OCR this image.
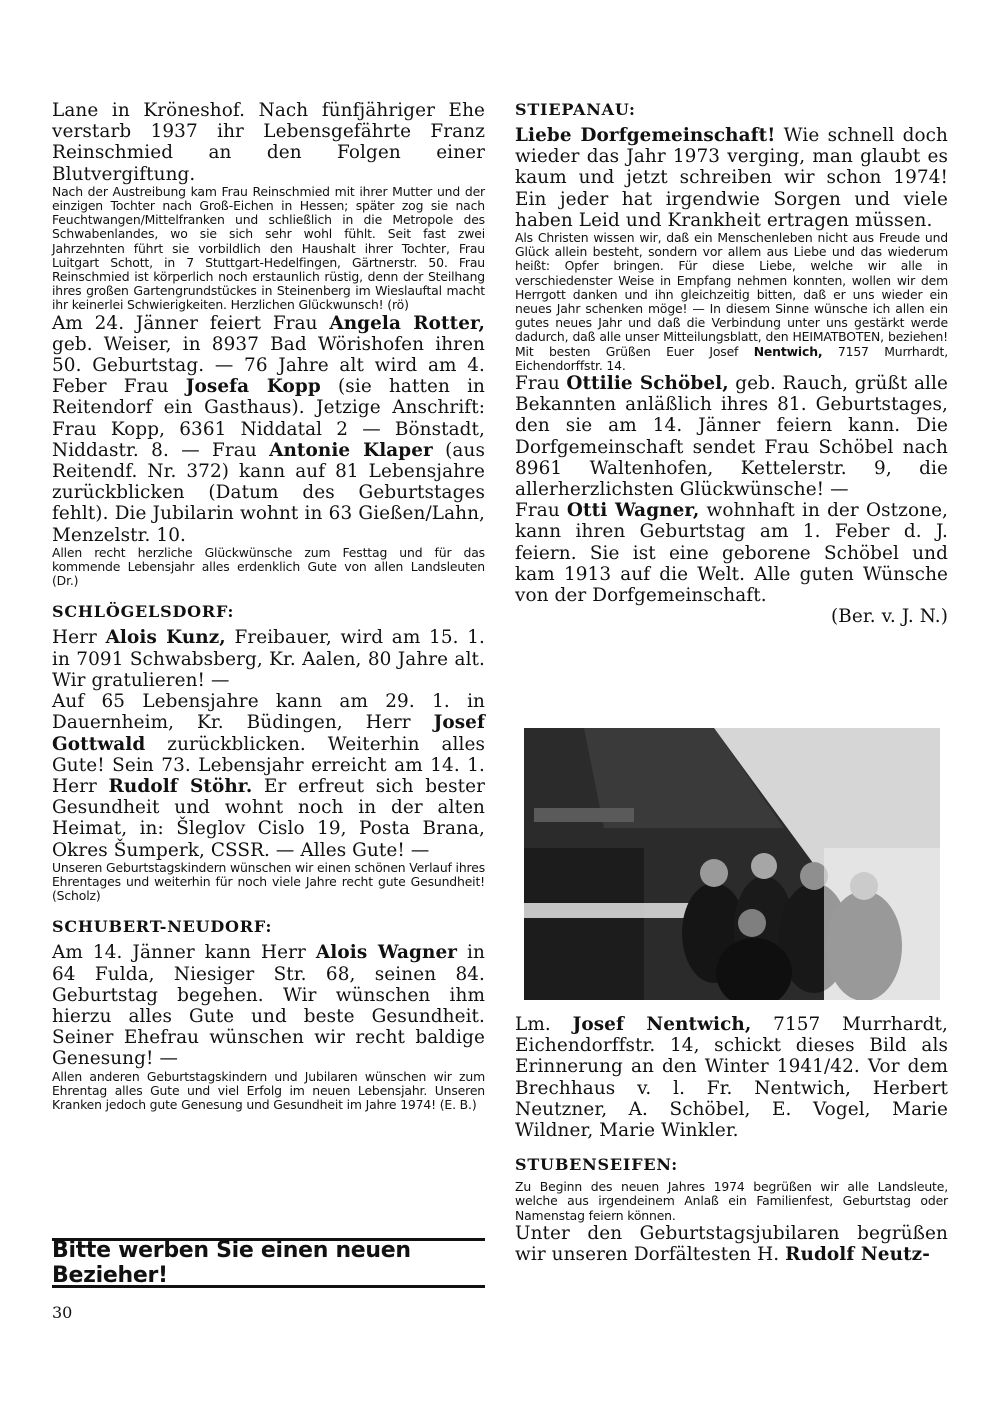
Lane in Kröneshof. Nach fünfjähriger Ehe verstarb 1937 ihr Lebensgefährte Franz Reinschmied an den Folgen einer Blutvergiftung.

Nach der Austreibung kam Frau Reinschmied mit ihrer Mutter und der einzigen Tochter nach Groß-Eichen in Hessen; später zog sie nach Feuchtwangen/Mittelfranken und schließlich in die Metropole des Schwabenlandes, wo sie sich sehr wohl fühlt. Seit fast zwei Jahrzehnten führt sie vorbildlich den Haushalt ihrer Tochter, Frau Luitgart Schott, in 7 Stuttgart-Hedelfingen, Gärtnerstr. 50. Frau Reinschmied ist körperlich noch erstaunlich rüstig, denn der Steilhang ihres großen Gartengrundstückes in Steinenberg im Wieslauftal macht ihr keinerlei Schwierigkeiten. Herzlichen Glückwunsch! (rö)

Am 24. Jänner feiert Frau Angela Rotter, geb. Weiser, in 8937 Bad Wörishofen ihren 50. Geburtstag. — 76 Jahre alt wird am 4. Feber Frau Josefa Kopp (sie hatten in Reitendorf ein Gasthaus). Jetzige Anschrift: Frau Kopp, 6361 Niddatal 2 — Bönstadt, Niddastr. 8. — Frau Antonie Klaper (aus Reitendf. Nr. 372) kann auf 81 Lebensjahre zurückblicken (Datum des Geburtstages fehlt). Die Jubilarin wohnt in 63 Gießen/Lahn, Menzelstr. 10.

Allen recht herzliche Glückwünsche zum Festtag und für das kommende Lebensjahr alles erdenklich Gute von allen Landsleuten (Dr.)

SCHLÖGELSDORF:

Herr Alois Kunz, Freibauer, wird am 15. 1. in 7091 Schwabsberg, Kr. Aalen, 80 Jahre alt. Wir gratulieren! —

Auf 65 Lebensjahre kann am 29. 1. in Dauernheim, Kr. Büdingen, Herr Josef Gottwald zurückblicken. Weiterhin alles Gute! Sein 73. Lebensjahr erreicht am 14. 1. Herr Rudolf Stöhr. Er erfreut sich bester Gesundheit und wohnt noch in der alten Heimat, in: Šleglov Cislo 19, Posta Brana, Okres Šumperk, CSSR. — Alles Gute! —

Unseren Geburtstagskindern wünschen wir einen schönen Verlauf ihres Ehrentages und weiterhin für noch viele Jahre recht gute Gesundheit! (Scholz)

SCHUBERT-NEUDORF:

Am 14. Jänner kann Herr Alois Wagner in 64 Fulda, Niesiger Str. 68, seinen 84. Geburtstag begehen. Wir wünschen ihm hierzu alles Gute und beste Gesundheit. Seiner Ehefrau wünschen wir recht baldige Genesung! —

Allen anderen Geburtstagskindern und Jubilaren wünschen wir zum Ehrentag alles Gute und viel Erfolg im neuen Lebensjahr. Unseren Kranken jedoch gute Genesung und Gesundheit im Jahre 1974! (E. B.)

Bitte werben Sie einen neuen Bezieher!
30
STIEPANAU:

Liebe Dorfgemeinschaft! Wie schnell doch wieder das Jahr 1973 verging, man glaubt es kaum und jetzt schreiben wir schon 1974! Ein jeder hat irgendwie Sorgen und viele haben Leid und Krankheit ertragen müssen.

Als Christen wissen wir, daß ein Menschenleben nicht aus Freude und Glück allein besteht, sondern vor allem aus Liebe und das wiederum heißt: Opfer bringen. Für diese Liebe, welche wir alle in verschiedenster Weise in Empfang nehmen konnten, wollen wir dem Herrgott danken und ihn gleichzeitig bitten, daß er uns wieder ein neues Jahr schenken möge! — In diesem Sinne wünsche ich allen ein gutes neues Jahr und daß die Verbindung unter uns gestärkt werde dadurch, daß alle unser Mitteilungsblatt, den HEIMATBOTEN, beziehen! Mit besten Grüßen Euer Josef Nentwich, 7157 Murrhardt, Eichendorffstr. 14.

Frau Ottilie Schöbel, geb. Rauch, grüßt alle Bekannten anläßlich ihres 81. Geburtstages, den sie am 14. Jänner feiern kann. Die Dorfgemeinschaft sendet Frau Schöbel nach 8961 Waltenhofen, Kettelerstr. 9, die allerherzlichsten Glückwünsche! —

Frau Otti Wagner, wohnhaft in der Ostzone, kann ihren Geburtstag am 1. Feber d. J. feiern. Sie ist eine geborene Schöbel und kam 1913 auf die Welt. Alle guten Wünsche von der Dorfgemeinschaft.
(Ber. v. J. N.)

Lm. Josef Nentwich, 7157 Murrhardt, Eichendorffstr. 14, schickt dieses Bild als Erinnerung an den Winter 1941/42. Vor dem Brechhaus v. l. Fr. Nentwich, Herbert Neutzner, A. Schöbel, E. Vogel, Marie Wildner, Marie Winkler.

STUBENSEIFEN:

Zu Beginn des neuen Jahres 1974 begrüßen wir alle Landsleute, welche aus irgendeinem Anlaß ein Familienfest, Geburtstag oder Namenstag feiern können.

Unter den Geburtstagsjubilaren begrüßen wir unseren Dorfältesten H. Rudolf Neutz-
